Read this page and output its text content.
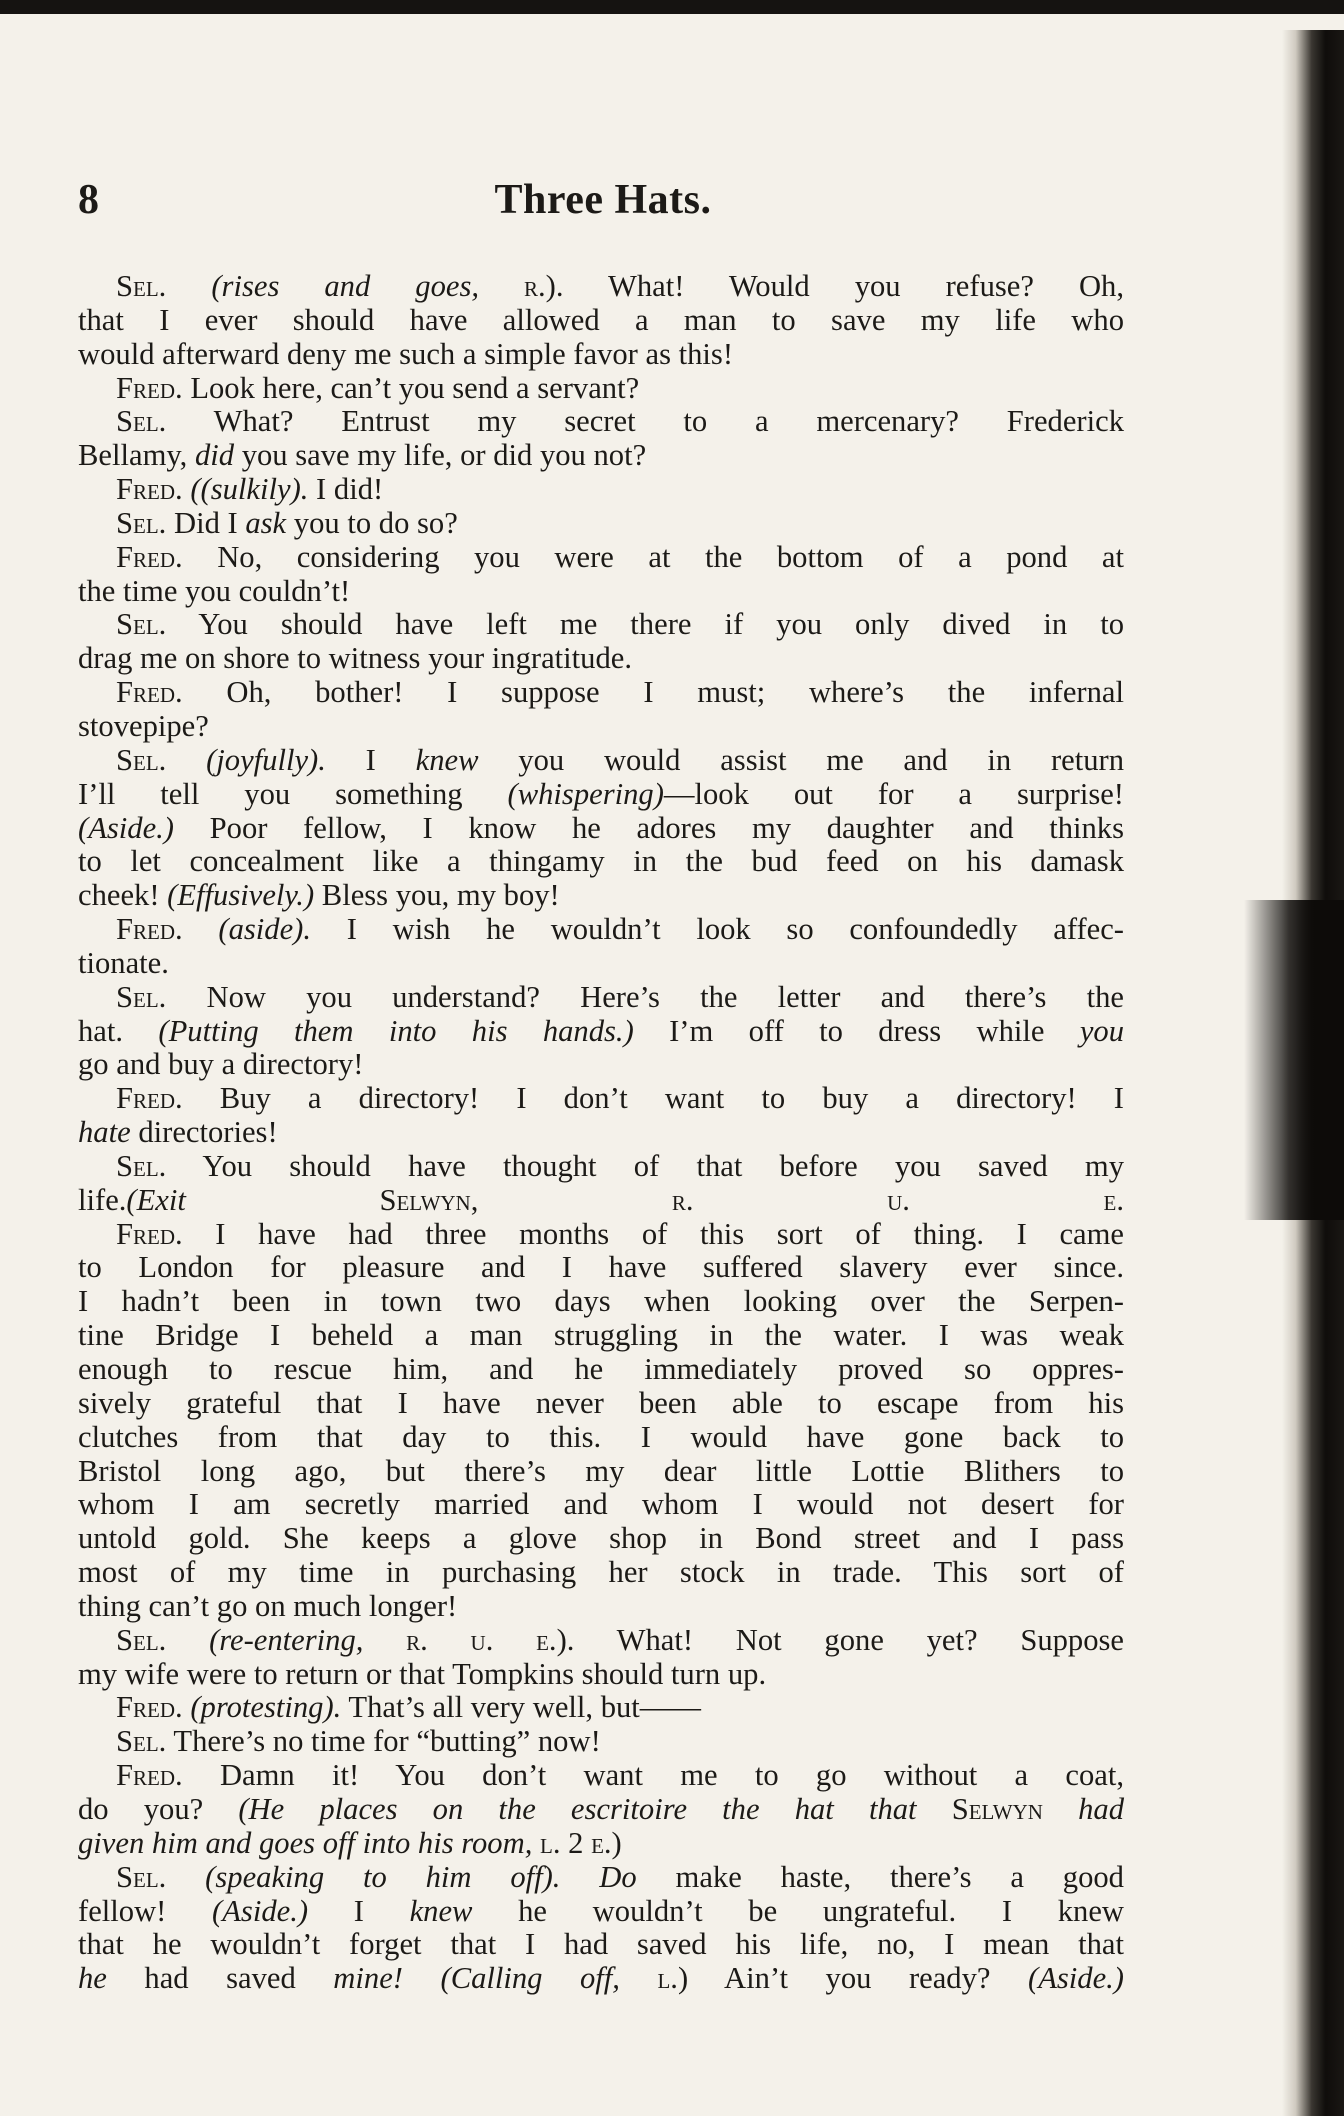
8	Three Hats.
Sel. (rises and goes, r.). What! Would you refuse? Oh,
that I ever should have allowed a man to save my life who
would afterward deny me such a simple favor as this!
Fred. Look here, can’t you send a servant?
Sel. What? Entrust my secret to a mercenary? Frederick
Bellamy, did you save my life, or did you not?
Fred. ((sulkily). I did!
Sel. Did I ask you to do so?
Fred. No, considering you were at the bottom of a pond at
the time you couldn’t!
Sel. You should have left me there if you only dived in to
drag me on shore to witness your ingratitude.
Fred. Oh, bother! I suppose I must; where’s the infernal
stovepipe?
Sel. (joyfully). I knew you would assist me and in return
I’ll tell you something (whispering)—look out for a surprise!
(Aside.) Poor fellow, I know he adores my daughter and thinks
to let concealment like a thingamy in the bud feed on his damask
cheek! (Effusively.) Bless you, my boy!
Fred. (aside). I wish he wouldn’t look so confoundedly affec-
tionate.
Sel. Now you understand? Here’s the letter and there’s the
hat. (Putting them into his hands.) I’m off to dress while you
go and buy a directory!
Fred. Buy a directory! I don’t want to buy a directory! I
hate directories!
Sel. You should have thought of that before you saved my
life.(Exit Selwyn, r. u. e.
Fred. I have had three months of this sort of thing. I came
to London for pleasure and I have suffered slavery ever since.
I hadn’t been in town two days when looking over the Serpen-
tine Bridge I beheld a man struggling in the water. I was weak
enough to rescue him, and he immediately proved so oppres-
sively grateful that I have never been able to escape from his
clutches from that day to this. I would have gone back to
Bristol long ago, but there’s my dear little Lottie Blithers to
whom I am secretly married and whom I would not desert for
untold gold. She keeps a glove shop in Bond street and I pass
most of my time in purchasing her stock in trade. This sort of
thing can’t go on much longer!
Sel. (re-entering, r. u. e.). What! Not gone yet? Suppose
my wife were to return or that Tompkins should turn up.
Fred. (protesting). That’s all very well, but——
Sel. There’s no time for “butting” now!
Fred. Damn it! You don’t want me to go without a coat,
do you? (He places on the escritoire the hat that Selwyn had
given him and goes off into his room, l. 2 e.)
Sel. (speaking to him off). Do make haste, there’s a good
fellow! (Aside.) I knew he wouldn’t be ungrateful. I knew
that he wouldn’t forget that I had saved his life, no, I mean that
he had saved mine! (Calling off, l.) Ain’t you ready? (Aside.)
